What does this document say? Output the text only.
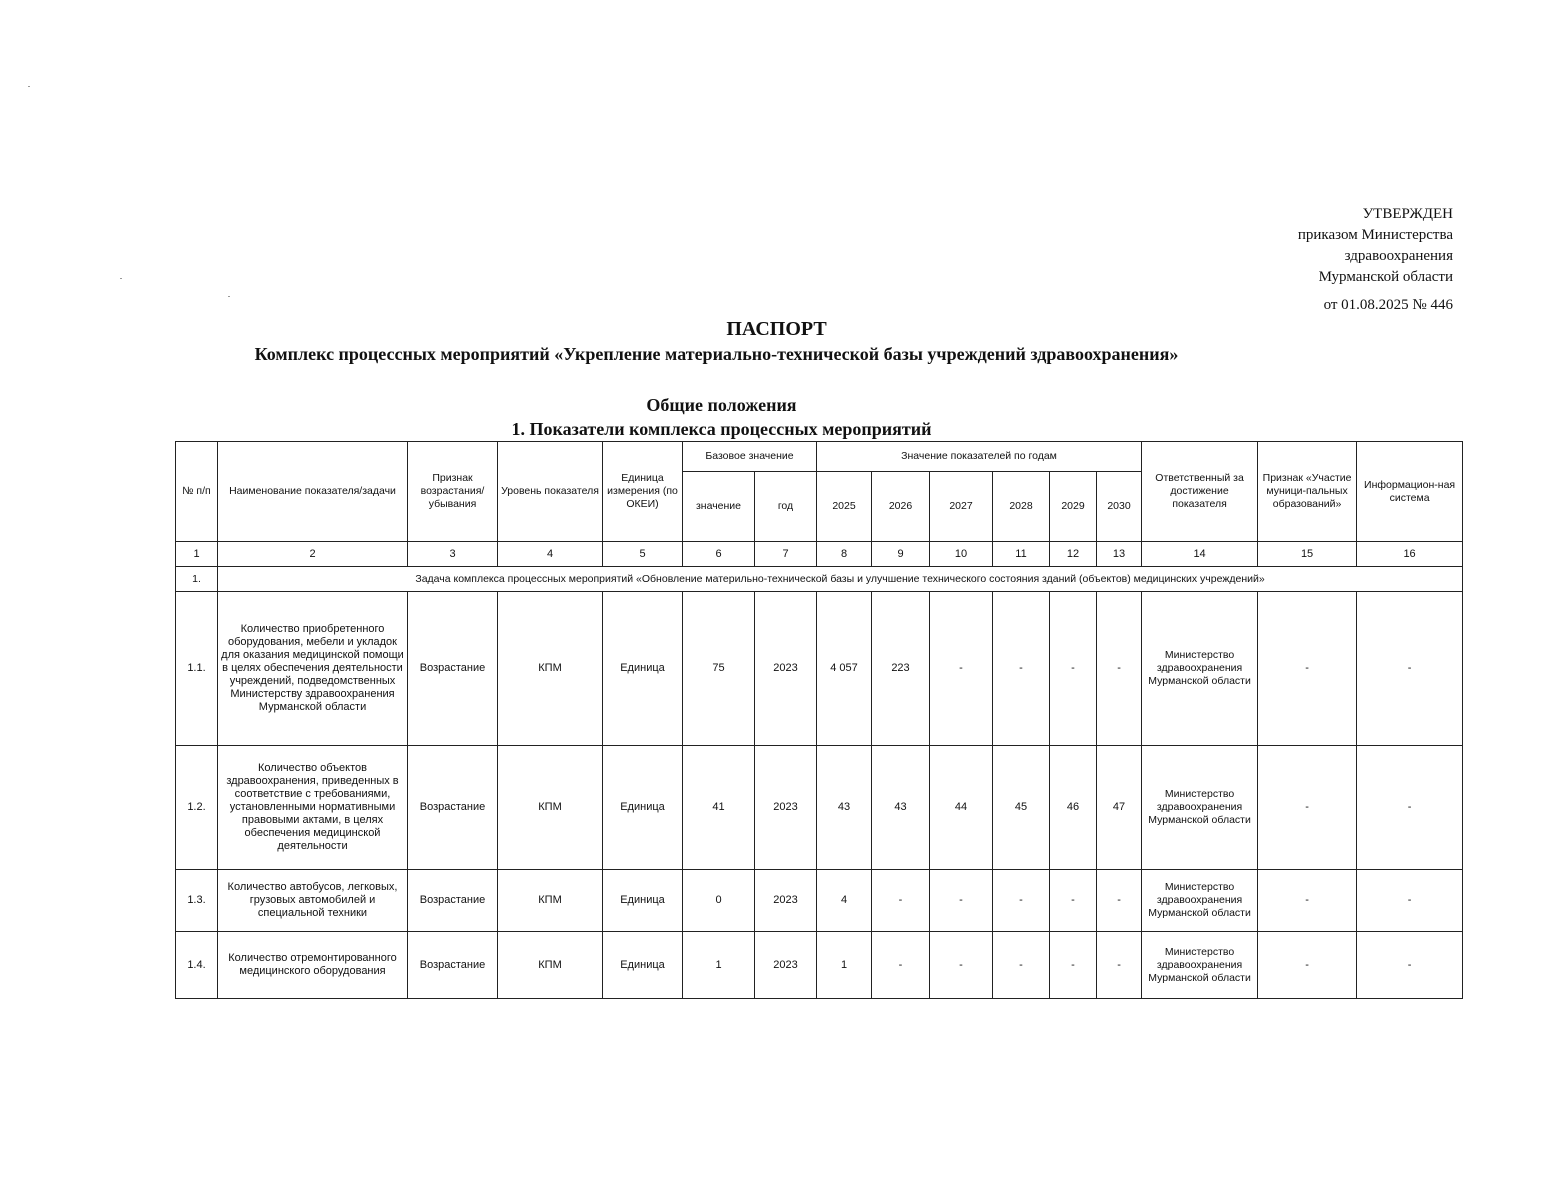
УТВЕРЖДЕН
приказом Министерства
здравоохранения
Мурманской области
от 01.08.2025 № 446
ПАСПОРТ
Комплекс процессных мероприятий «Укрепление материально-технической базы учреждений здравоохранения»
Общие положения
1. Показатели комплекса процессных мероприятий
№ п/п	Наименование показателя/задачи	Признак возрастания/ убывания	Уровень показателя	Единица измерения (по ОКЕИ)	Базовое значение		Значение показателей по годам						Ответственный за достижение показателя	Признак «Участие муници-пальных образований»	Информацион-ная система
					значение	год	2025	2026	2027	2028	2029	2030			
1	2	3	4	5	6	7	8	9	10	11	12	13	14	15	16
1.	Задача комплекса процессных мероприятий «Обновление материльно-технической базы и улучшение технического состояния зданий (объектов) медицинских учреждений»														
1.1.	Количество приобретенного оборудования, мебели и укладок для оказания медицинской помощи в целях обеспечения деятельности учреждений, подведомственных Министерству здравоохранения Мурманской области	Возрастание	КПМ	Единица	75	2023	4 057	223	-	-	-	-	Министерство здравоохранения Мурманской области	-	-
1.2.	Количество объектов здравоохранения, приведенных в соответствие с требованиями, установленными нормативными правовыми актами, в целях обеспечения медицинской деятельности	Возрастание	КПМ	Единица	41	2023	43	43	44	45	46	47	Министерство здравоохранения Мурманской области	-	-
1.3.	Количество автобусов, легковых, грузовых автомобилей и специальной техники	Возрастание	КПМ	Единица	0	2023	4	-	-	-	-	-	Министерство здравоохранения Мурманской области	-	-
1.4.	Количество отремонтированного медицинского оборудования	Возрастание	КПМ	Единица	1	2023	1	-	-	-	-	-	Министерство здравоохранения Мурманской области	-	-
